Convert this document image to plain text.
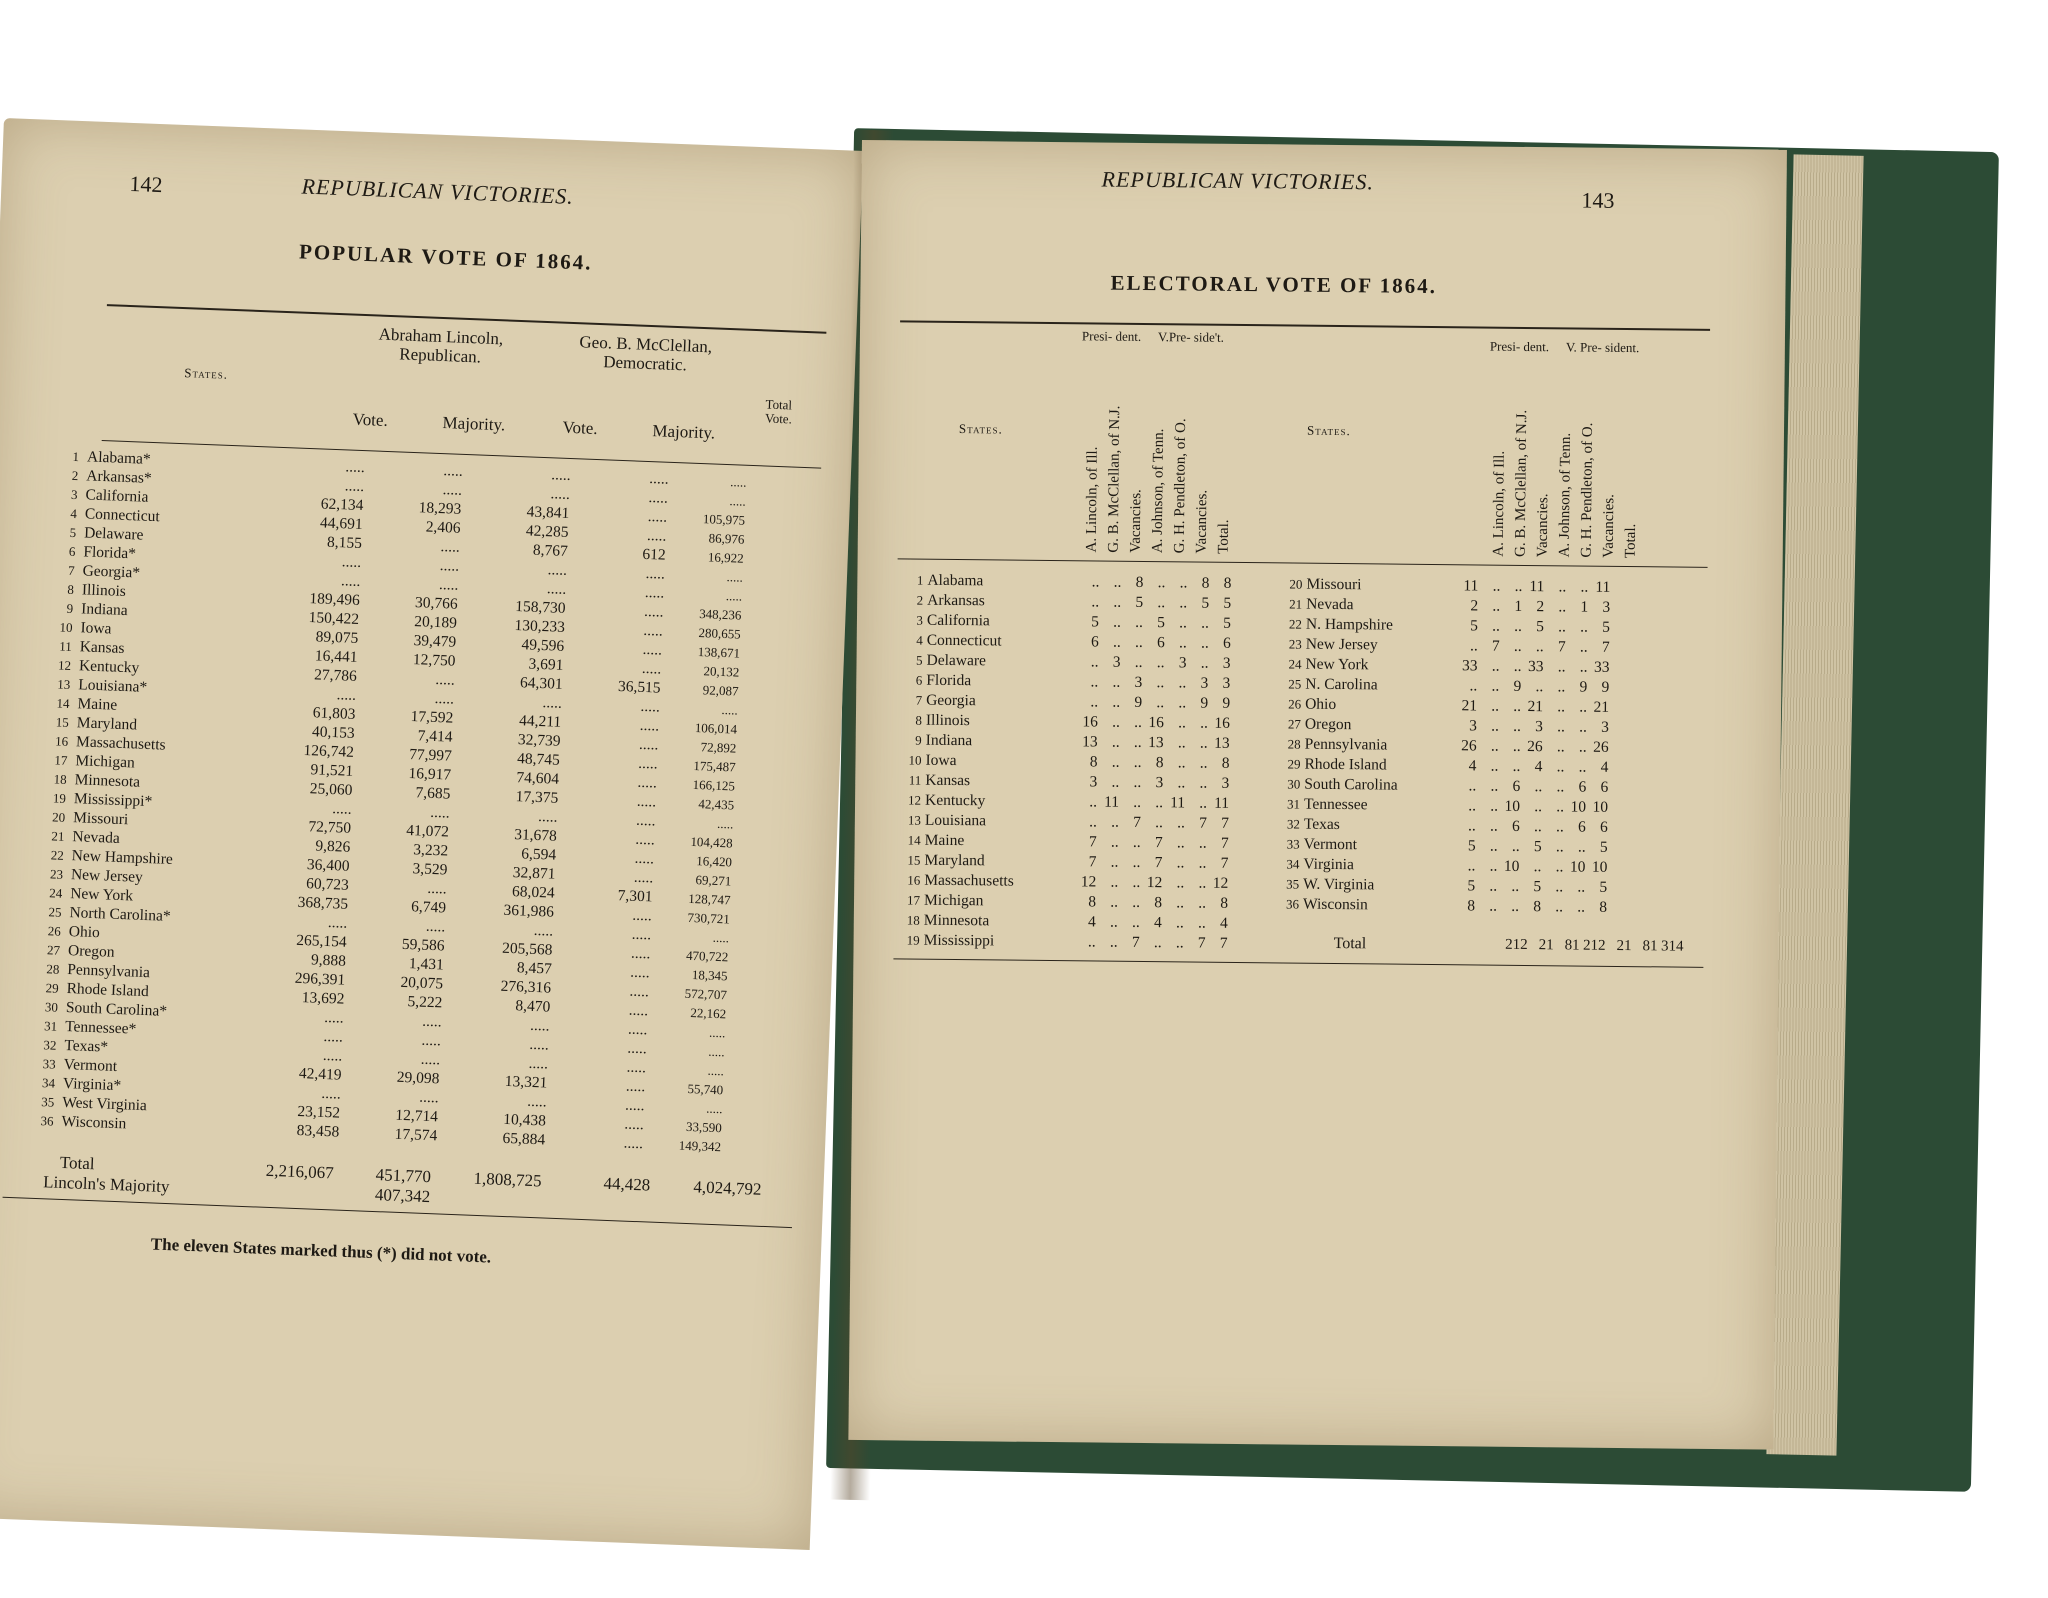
142	REPUBLICAN VICTORIES.
POPULAR VOTE OF 1864.
States.
Abraham Lincoln, Republican.	Geo. B. McClellan, Democratic.
Total Vote.
Vote.	Majority.	Vote.	Majority.
1	Alabama*	.....	.....	.....	.....	.....
2	Arkansas*	.....	.....	.....	.....	.....
3	California	62,134	18,293	43,841	.....	105,975
4	Connecticut	44,691	2,406	42,285	.....	86,976
5	Delaware	8,155	.....	8,767	612	16,922
6	Florida*	.....	.....	.....	.....	.....
7	Georgia*	.....	.....	.....	.....	.....
8	Illinois	189,496	30,766	158,730	.....	348,236
9	Indiana	150,422	20,189	130,233	.....	280,655
10	Iowa	89,075	39,479	49,596	.....	138,671
11	Kansas	16,441	12,750	3,691	.....	20,132
12	Kentucky	27,786	.....	64,301	36,515	92,087
13	Louisiana*	.....	.....	.....	.....	.....
14	Maine	61,803	17,592	44,211	.....	106,014
15	Maryland	40,153	7,414	32,739	.....	72,892
16	Massachusetts	126,742	77,997	48,745	.....	175,487
17	Michigan	91,521	16,917	74,604	.....	166,125
18	Minnesota	25,060	7,685	17,375	.....	42,435
19	Mississippi*	.....	.....	.....	.....	.....
20	Missouri	72,750	41,072	31,678	.....	104,428
21	Nevada	9,826	3,232	6,594	.....	16,420
22	New Hampshire	36,400	3,529	32,871	.....	69,271
23	New Jersey	60,723	.....	68,024	7,301	128,747
24	New York	368,735	6,749	361,986	.....	730,721
25	North Carolina*	.....	.....	.....	.....	.....
26	Ohio	265,154	59,586	205,568	.....	470,722
27	Oregon	9,888	1,431	8,457	.....	18,345
28	Pennsylvania	296,391	20,075	276,316	.....	572,707
29	Rhode Island	13,692	5,222	8,470	.....	22,162
30	South Carolina*	.....	.....	.....	.....	.....
31	Tennessee*	.....	.....	.....	.....	.....
32	Texas*	.....	.....	.....	.....	.....
33	Vermont	42,419	29,098	13,321	.....	55,740
34	Virginia*	.....	.....	.....	.....	.....
35	West Virginia	23,152	12,714	10,438	.....	33,590
36	Wisconsin	83,458	17,574	65,884	.....	149,342
Total	2,216,067 451,770 1,808,725	44,428 4,024,792
Lincoln's Majority	407,342
The eleven States marked thus (*) did not vote.
REPUBLICAN VICTORIES.
143
ELECTORAL VOTE OF 1864.
States.	States.
Presi- dent.	V.Pre- side't.
Presi- dent.	V. Pre- sident.
A. Lincoln, of Ill. G. B. McClellan, of N.J. Vacancies. A. Johnson, of Tenn. G. H. Pendleton, of O. Vacancies. Total.	A. Lincoln, of Ill. G. B. McClellan, of N.J. Vacancies. A. Johnson, of Tenn. G. H. Pendleton, of O. Vacancies. Total.
1	Alabama	..	..	8	..	..	8	8
2	Arkansas	..	..	5	..	..	5	5
3	California	5	..	..	5	..	..	5
4	Connecticut	6	..	..	6	..	..	6
5	Delaware	..	3	..	..	3	..	3
6	Florida	..	..	3	..	..	3	3
7	Georgia	..	..	9	..	..	9	9
8	Illinois	16	..	..	16	..	..	16
9	Indiana	13	..	..	13	..	..	13
10	Iowa	8	..	..	8	..	..	8
11	Kansas	3	..	..	3	..	..	3
12	Kentucky	..	11	..	..	11	..	11
13	Louisiana	..	..	7	..	..	7	7
14	Maine	7	..	..	7	..	..	7
15	Maryland	7	..	..	7	..	..	7
16	Massachusetts	12	..	..	12	..	..	12
17	Michigan	8	..	..	8	..	..	8
18	Minnesota	4	..	..	4	..	..	4
19	Mississippi	..	..	7	..	..	7	7
20	Missouri	11	..	..	11	..	..	11
21	Nevada	2	..	1	2	..	1	3
22	N. Hampshire	5	..	..	5	..	..	5
23	New Jersey	..	7	..	..	7	..	7
24	New York	33	..	..	33	..	..	33
25	N. Carolina	..	..	9	..	..	9	9
26	Ohio	21	..	..	21	..	..	21
27	Oregon	3	..	..	3	..	..	3
28	Pennsylvania	26	..	..	26	..	..	26
29	Rhode Island	4	..	..	4	..	..	4
30	South Carolina	..	..	6	..	..	6	6
31	Tennessee	..	..	10	..	..	10	10
32	Texas	..	..	6	..	..	6	6
33	Vermont	5	..	..	5	..	..	5
34	Virginia	..	..	10	..	..	10	10
35	W. Virginia	5	..	..	5	..	..	5
36	Wisconsin	8	..	..	8	..	..	8
Total	212 21 81 212 21 81 314
